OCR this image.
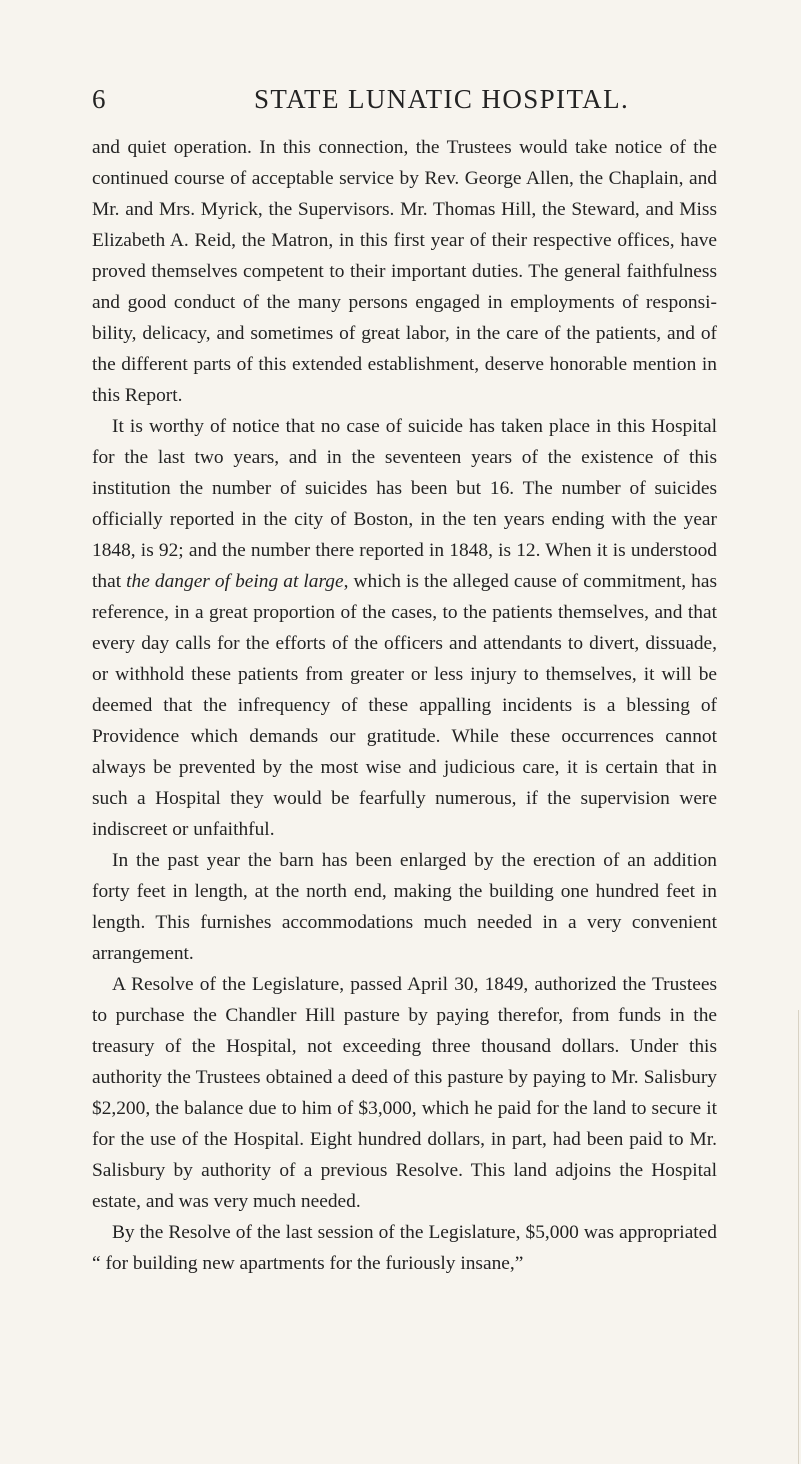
6	STATE LUNATIC HOSPITAL.

and quiet operation. In this connection, the Trustees would take notice of the continued course of acceptable service by Rev. George Allen, the Chaplain, and Mr. and Mrs. Myrick, the Supervisors. Mr. Thomas Hill, the Steward, and Miss Elizabeth A. Reid, the Matron, in this first year of their respective offices, have proved themselves competent to their important duties. The general faithfulness and good conduct of the many persons engaged in employments of responsibility, delicacy, and sometimes of great labor, in the care of the patients, and of the different parts of this extended establishment, deserve honorable mention in this Report.

It is worthy of notice that no case of suicide has taken place in this Hospital for the last two years, and in the seventeen years of the existence of this institution the number of suicides has been but 16. The number of suicides officially reported in the city of Boston, in the ten years ending with the year 1848, is 92; and the number there reported in 1848, is 12. When it is understood that the danger of being at large, which is the alleged cause of commitment, has reference, in a great proportion of the cases, to the patients themselves, and that every day calls for the efforts of the officers and attendants to divert, dissuade, or withhold these patients from greater or less injury to themselves, it will be deemed that the infrequency of these appalling incidents is a blessing of Providence which demands our gratitude. While these occurrences cannot always be prevented by the most wise and judicious care, it is certain that in such a Hospital they would be fearfully numerous, if the supervision were indiscreet or unfaithful.

In the past year the barn has been enlarged by the erection of an addition forty feet in length, at the north end, making the building one hundred feet in length. This furnishes accommodations much needed in a very convenient arrangement.

A Resolve of the Legislature, passed April 30, 1849, authorized the Trustees to purchase the Chandler Hill pasture by paying therefor, from funds in the treasury of the Hospital, not exceeding three thousand dollars. Under this authority the Trustees obtained a deed of this pasture by paying to Mr. Salisbury $2,200, the balance due to him of $3,000, which he paid for the land to secure it for the use of the Hospital. Eight hundred dollars, in part, had been paid to Mr. Salisbury by authority of a previous Resolve. This land adjoins the Hospital estate, and was very much needed.

By the Resolve of the last session of the Legislature, $5,000 was appropriated “ for building new apartments for the furiously insane,”
